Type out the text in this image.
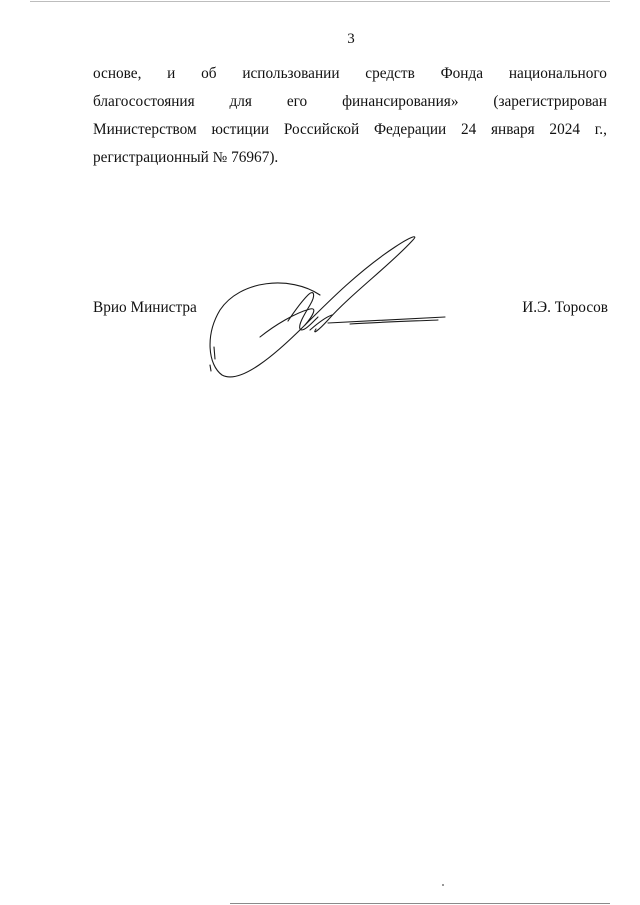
3
основе, и об использовании средств Фонда национального
благосостояния для его финансирования» (зарегистрирован
Министерством юстиции Российской Федерации 24 января 2024 г.,
регистрационный № 76967).
Врио Министра	И.Э. Торосов
